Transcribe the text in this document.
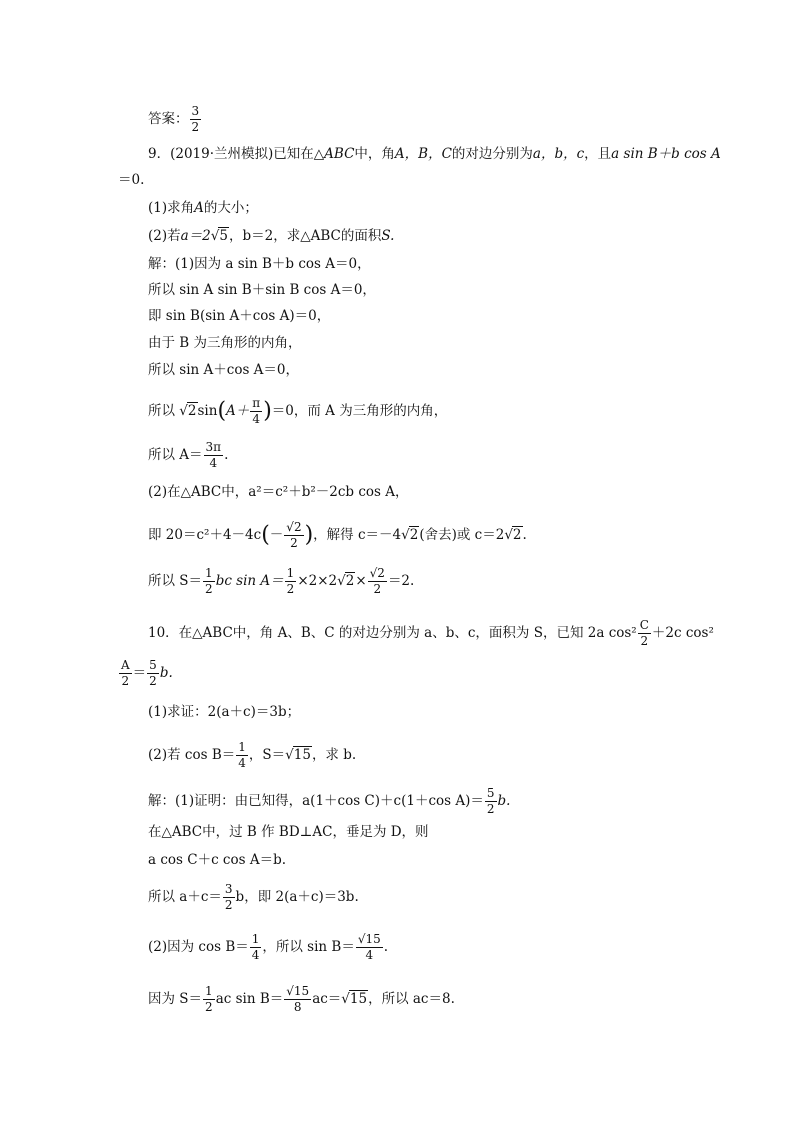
答案： $\frac{3}{2}$
9．(2019·兰州模拟)已知在△ABC中，角A，B，C的对边分别为a，b，c，且a sin B＋b cos A
＝0.
(1)求角A的大小；
(2)若a＝2√5，b＝2，求△ABC的面积S.
解：(1)因为 a sin B＋b cos A＝0，
所以 sin A sin B＋sin B cos A＝0，
即 sin B(sin A＋cos A)＝0，
由于 B 为三角形的内角，
所以 sin A＋cos A＝0，
所以 $√2\sin(A+ \frac{\pi}{4} )=0$，而 A 为三角形的内角，
所以 $A= \frac{3\pi}{4}$ .
(2)在△ABC中，a²＝c²＋b²－2cb cos A，
即 $20=c^2+4-4c(- \frac{√2}{2}$ )，解得 c＝－4√2(舍去)或 c＝2√2.
所以 $S= \frac{1}{2}$ bc $\sin A= \frac{1}{2} \times 2\times 2√2\times \frac{√2}{2} =2$.
10．在△ABC中，角 A、B、C 的对边分别为 a、b、c，面积为 S，已知 2a $\cos^2 \frac{C}{2} +2c$ cos²
$\frac{A}{2} = \frac{5}{2} b$.
(1)求证：2(a＋c)＝3b；
(2)若 $\cos B= \frac{1}{4}$ ，S＝√15，求 b.
解：(1)证明：由已知得，a(1＋cos C)＋c(1＋cos $A)= \frac{5}{2} b$.
在△ABC中，过 B 作 BD⊥AC，垂足为 D，则
a cos C＋c cos A＝b.
所以 $a+c= \frac{3}{2}$ b，即 2(a＋c)＝3b.
(2)因为 $\cos B= \frac{1}{4}$ ，所以 $\sin B= \frac{√15}{4}$ .
因为 $S= \frac{1}{2}$ ac $\sin B= \frac{√15}{8} ac=√15$，所以 ac＝8.
